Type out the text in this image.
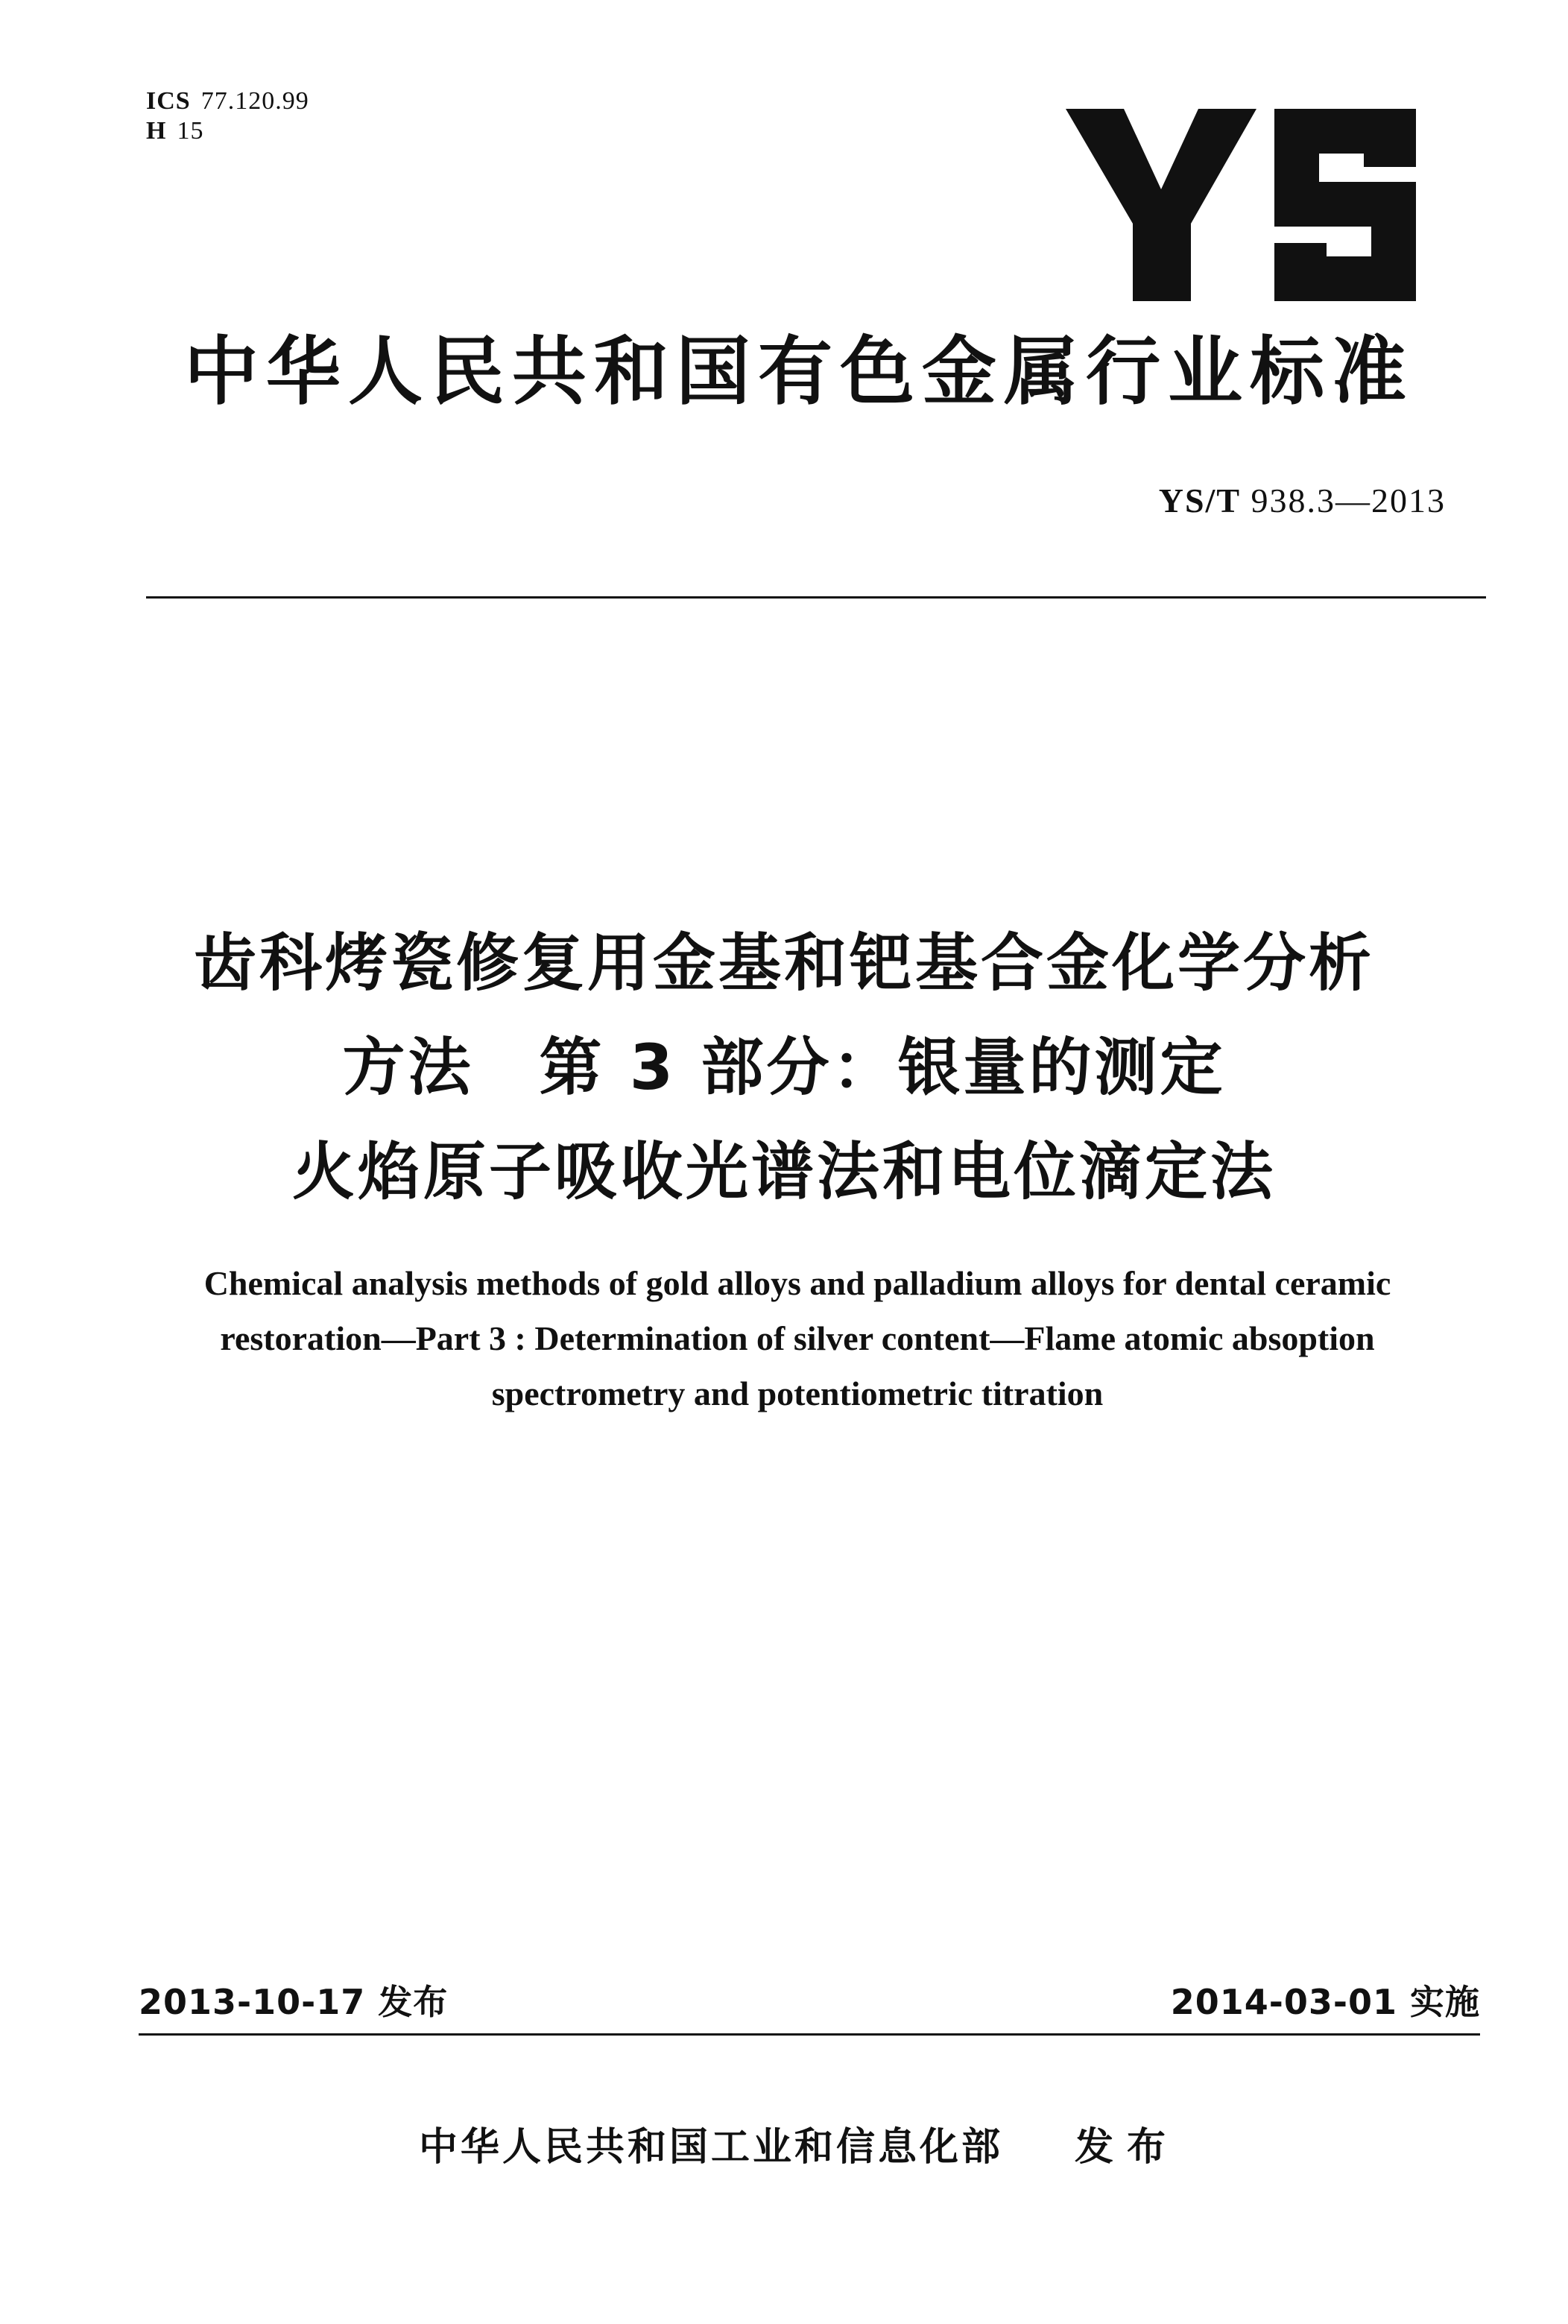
ICS 77.120.99
H 15
中华人民共和国有色金属行业标准
YS/T 938.3—2013
齿科烤瓷修复用金基和钯基合金化学分析
方法　第 3 部分：银量的测定
火焰原子吸收光谱法和电位滴定法
Chemical analysis methods of gold alloys and palladium alloys for dental ceramic
restoration—Part 3 : Determination of silver content—Flame atomic absoption
spectrometry and potentiometric titration
2013-10-17 发布	2014-03-01 实施
中华人民共和国工业和信息化部 发布
